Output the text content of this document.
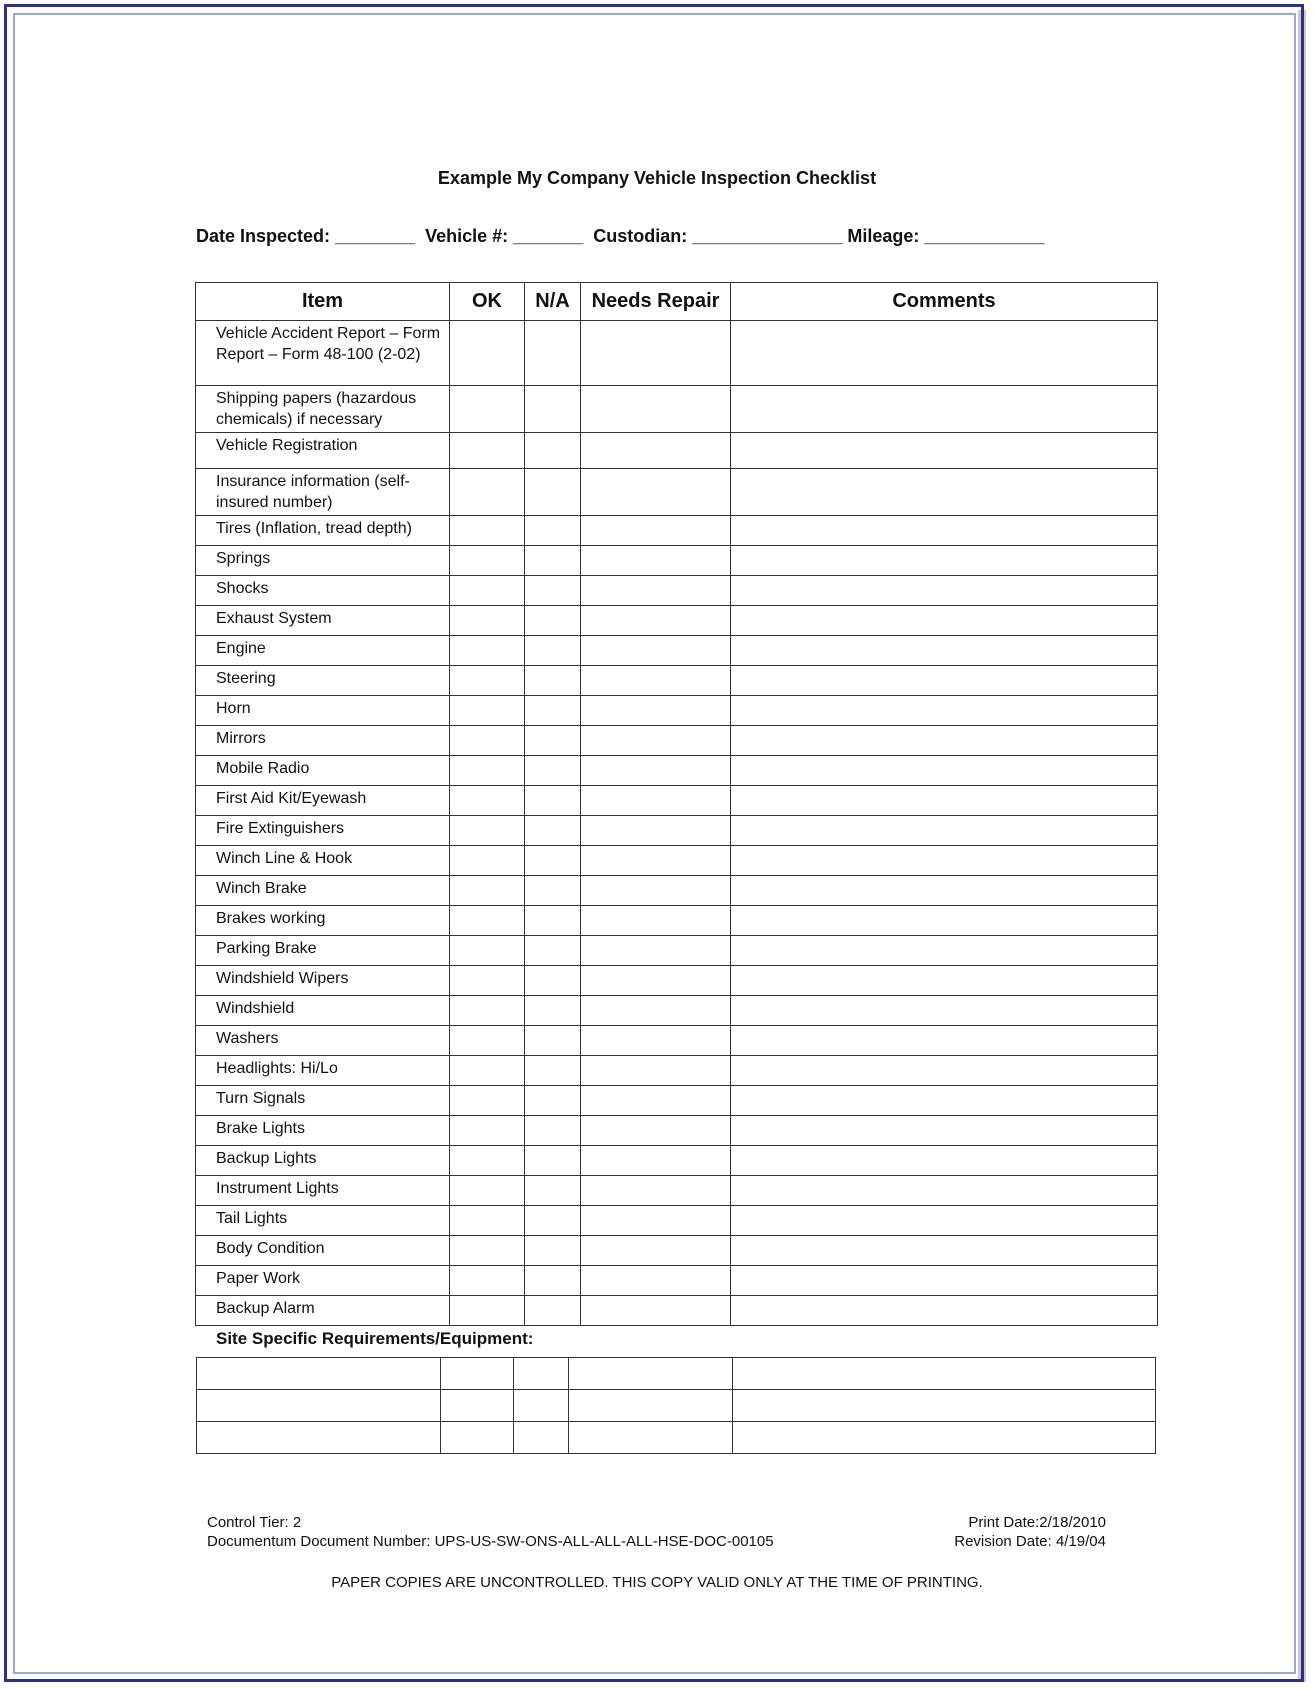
Example My Company Vehicle Inspection Checklist
Date Inspected: ________  Vehicle #: _______  Custodian: _______________ Mileage: ____________
Item	OK	N/A	Needs Repair	Comments
Vehicle Accident Report – Form Report – Form 48-100 (2-02)				
Shipping papers (hazardous chemicals) if necessary				
Vehicle Registration				
Insurance information (self-insured number)				
Tires (Inflation, tread depth)				
Springs				
Shocks				
Exhaust System				
Engine				
Steering				
Horn				
Mirrors				
Mobile Radio				
First Aid Kit/Eyewash				
Fire Extinguishers				
Winch Line & Hook				
Winch Brake				
Brakes working				
Parking Brake				
Windshield Wipers				
Windshield				
Washers				
Headlights: Hi/Lo				
Turn Signals				
Brake Lights				
Backup Lights				
Instrument Lights				
Tail Lights				
Body Condition				
Paper Work				
Backup Alarm				
Site Specific Requirements/Equipment:

Control Tier: 2
Documentum Document Number: UPS-US-SW-ONS-ALL-ALL-ALL-HSE-DOC-00105
Print Date:2/18/2010
Revision Date: 4/19/04
PAPER COPIES ARE UNCONTROLLED. THIS COPY VALID ONLY AT THE TIME OF PRINTING.
